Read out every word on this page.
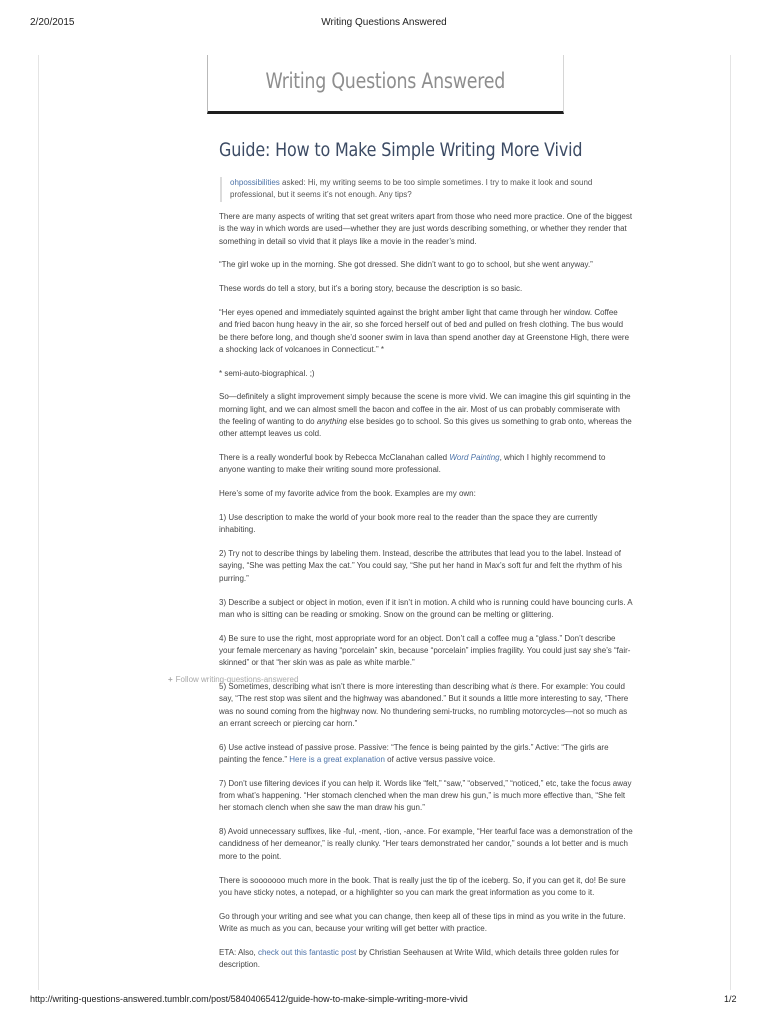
2/20/2015	Writing Questions Answered
Writing Questions Answered
Guide: How to Make Simple Writing More Vivid
ohpossibilities asked: Hi, my writing seems to be too simple sometimes. I try to make it look and sound professional, but it seems it’s not enough. Any tips?

There are many aspects of writing that set great writers apart from those who need more practice. One of the biggest is the way in which words are used—whether they are just words describing something, or whether they render that something in detail so vivid that it plays like a movie in the reader’s mind.

“The girl woke up in the morning. She got dressed. She didn’t want to go to school, but she went anyway.”

These words do tell a story, but it’s a boring story, because the description is so basic.

“Her eyes opened and immediately squinted against the bright amber light that came through her window. Coffee and fried bacon hung heavy in the air, so she forced herself out of bed and pulled on fresh clothing. The bus would be there before long, and though she’d sooner swim in lava than spend another day at Greenstone High, there were a shocking lack of volcanoes in Connecticut.” *

* semi-auto-biographical. ;)

So—definitely a slight improvement simply because the scene is more vivid. We can imagine this girl squinting in the morning light, and we can almost smell the bacon and coffee in the air. Most of us can probably commiserate with the feeling of wanting to do anything else besides go to school. So this gives us something to grab onto, whereas the other attempt leaves us cold.

There is a really wonderful book by Rebecca McClanahan called Word Painting, which I highly recommend to anyone wanting to make their writing sound more professional.

Here’s some of my favorite advice from the book. Examples are my own:

1) Use description to make the world of your book more real to the reader than the space they are currently inhabiting.

2) Try not to describe things by labeling them. Instead, describe the attributes that lead you to the label. Instead of saying, “She was petting Max the cat.” You could say, “She put her hand in Max’s soft fur and felt the rhythm of his purring.”

3) Describe a subject or object in motion, even if it isn’t in motion. A child who is running could have bouncing curls. A man who is sitting can be reading or smoking. Snow on the ground can be melting or glittering.

4) Be sure to use the right, most appropriate word for an object. Don’t call a coffee mug a “glass.” Don’t describe your female mercenary as having “porcelain” skin, because “porcelain” implies fragility. You could just say she’s “fair-skinned” or that “her skin was as pale as white marble.”

5) Sometimes, describing what isn’t there is more interesting than describing what is there. For example: You could say, “The rest stop was silent and the highway was abandoned.” But it sounds a little more interesting to say, “There was no sound coming from the highway now. No thundering semi-trucks, no rumbling motorcycles—not so much as an errant screech or piercing car horn.”

6) Use active instead of passive prose. Passive: “The fence is being painted by the girls.” Active: “The girls are painting the fence.” Here is a great explanation of active versus passive voice.

7) Don’t use filtering devices if you can help it. Words like “felt,” “saw,” “observed,” “noticed,” etc, take the focus away from what’s happening. “Her stomach clenched when the man drew his gun,” is much more effective than, “She felt her stomach clench when she saw the man draw his gun.”

8) Avoid unnecessary suffixes, like -ful, -ment, -tion, -ance. For example, “Her tearful face was a demonstration of the candidness of her demeanor,” is really clunky. “Her tears demonstrated her candor,” sounds a lot better and is much more to the point.

There is sooooooo much more in the book. That is really just the tip of the iceberg. So, if you can get it, do! Be sure you have sticky notes, a notepad, or a highlighter so you can mark the great information as you come to it.

Go through your writing and see what you can change, then keep all of these tips in mind as you write in the future. Write as much as you can, because your writing will get better with practice.

ETA: Also, check out this fantastic post by Christian Seehausen at Write Wild, which details three golden rules for description.

+ Follow writing-questions-answered
http://writing-questions-answered.tumblr.com/post/58404065412/guide-how-to-make-simple-writing-more-vivid	1/2
